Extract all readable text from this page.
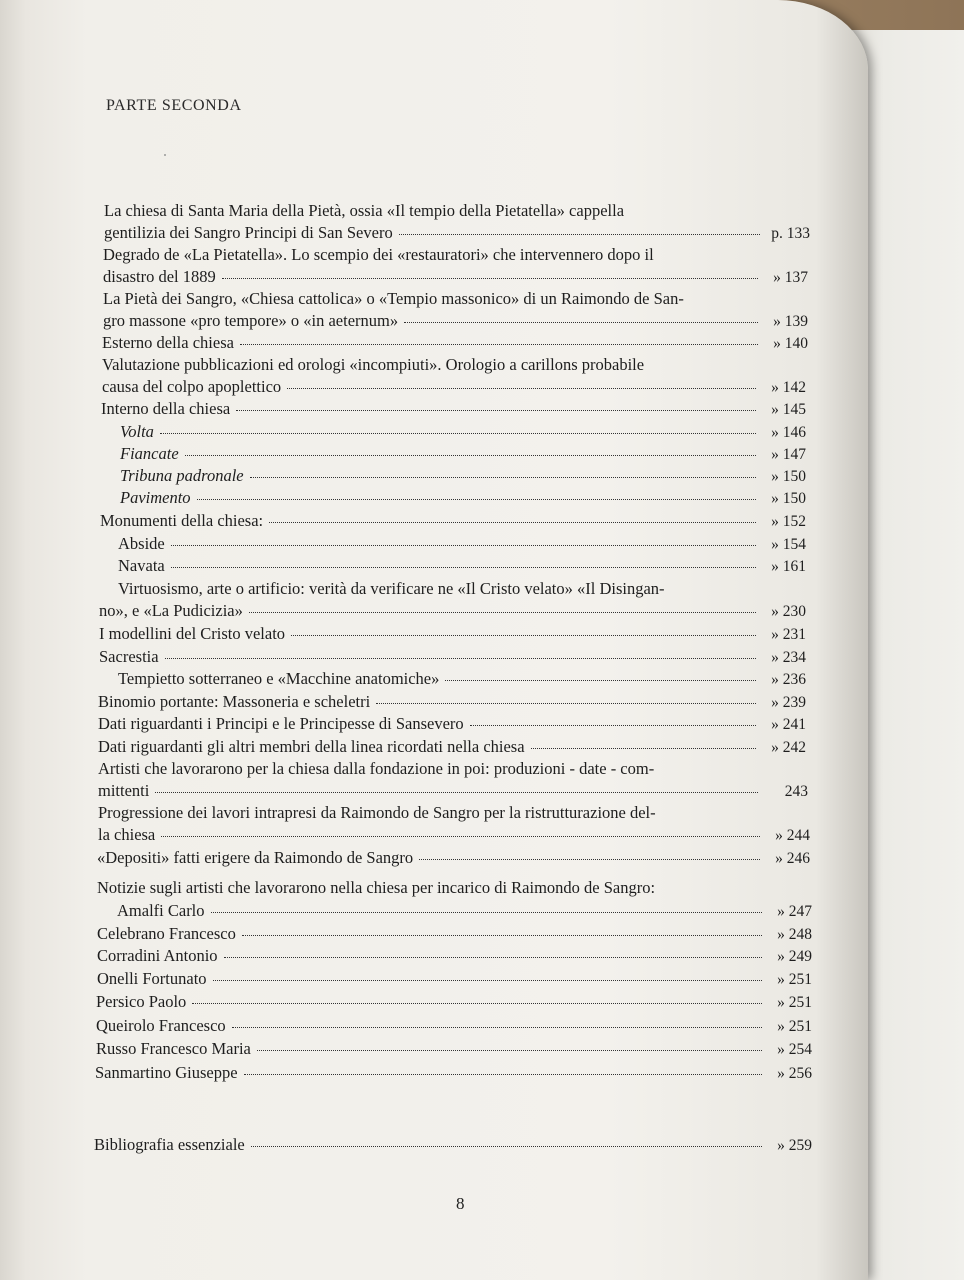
PARTE SECONDA
La chiesa di Santa Maria della Pietà, ossia «Il tempio della Pietatella» cappella
gentilizia dei Sangro Principi di San Severo	p. 133
Degrado de «La Pietatella». Lo scempio dei «restauratori» che intervennero dopo il
disastro del 1889	» 137
La Pietà dei Sangro, «Chiesa cattolica» o «Tempio massonico» di un Raimondo de San-
gro massone «pro tempore» o «in aeternum»	» 139
Esterno della chiesa	» 140
Valutazione pubblicazioni ed orologi «incompiuti». Orologio a carillons probabile
causa del colpo apoplettico	» 142
Interno della chiesa	» 145
Volta	» 146
Fiancate	» 147
Tribuna padronale	» 150
Pavimento	» 150
Monumenti della chiesa:	» 152
Abside	» 154
Navata	» 161
Virtuosismo, arte o artificio: verità da verificare ne «Il Cristo velato» «Il Disingan-
no», e «La Pudicizia»	» 230
I modellini del Cristo velato	» 231
Sacrestia	» 234
Tempietto sotterraneo e «Macchine anatomiche»	» 236
Binomio portante: Massoneria e scheletri	» 239
Dati riguardanti i Principi e le Principesse di Sansevero	» 241
Dati riguardanti gli altri membri della linea ricordati nella chiesa	» 242
Artisti che lavorarono per la chiesa dalla fondazione in poi: produzioni - date - com-
mittenti	243
Progressione dei lavori intrapresi da Raimondo de Sangro per la ristrutturazione del-
la chiesa	» 244
«Depositi» fatti erigere da Raimondo de Sangro	» 246
Notizie sugli artisti che lavorarono nella chiesa per incarico di Raimondo de Sangro:
Amalfi Carlo	» 247
Celebrano Francesco	» 248
Corradini Antonio	» 249
Onelli Fortunato	» 251
Persico Paolo	» 251
Queirolo Francesco	» 251
Russo Francesco Maria	» 254
Sanmartino Giuseppe	» 256
Bibliografia essenziale	» 259
8
